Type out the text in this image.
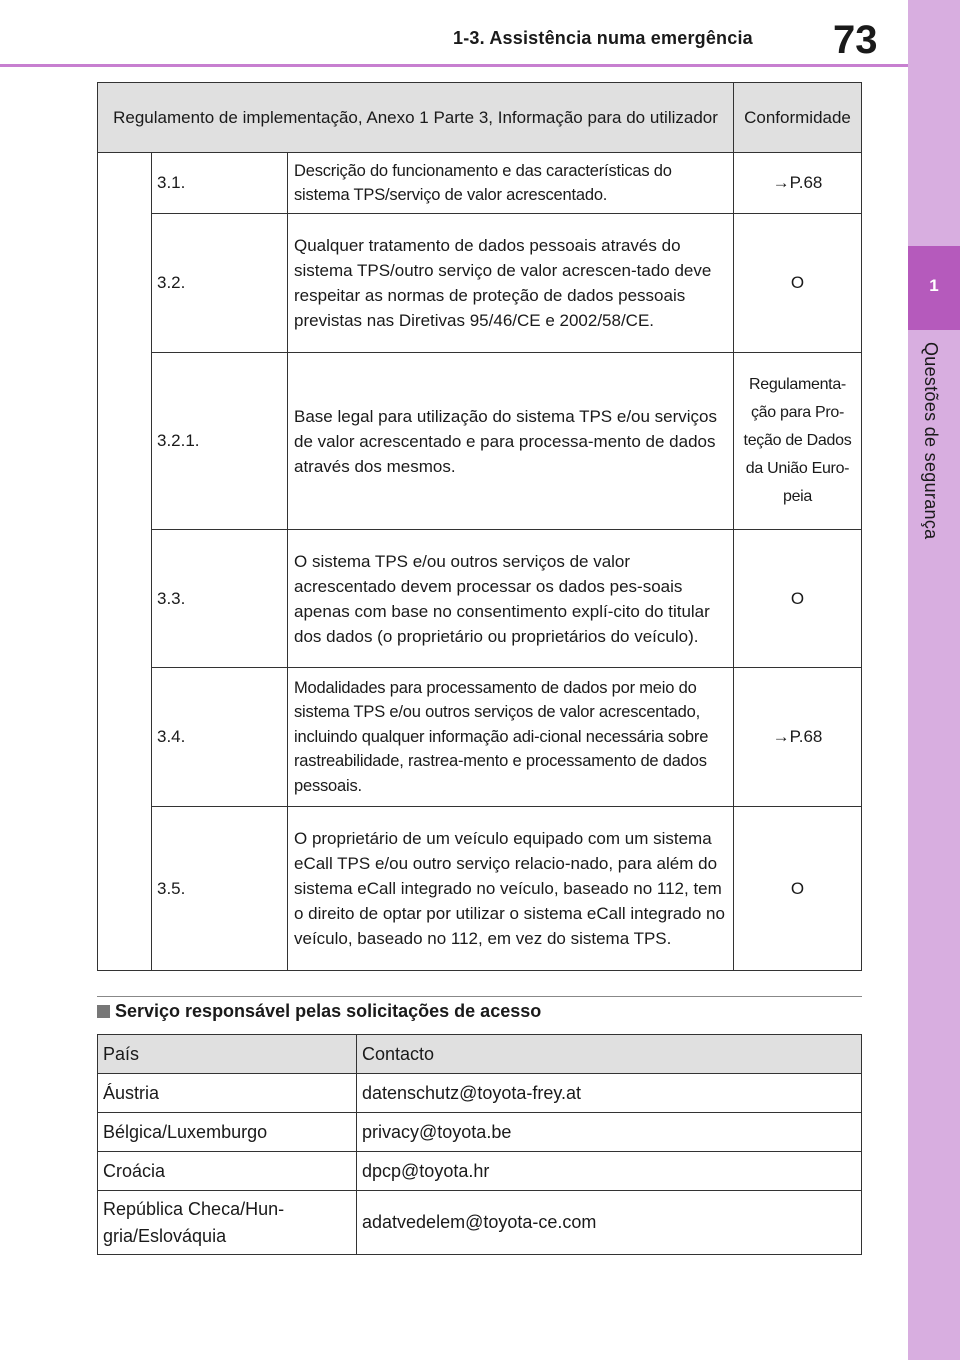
1-3. Assistência numa emergência 73
1
Questões de segurança
Regulamento de implementação, Anexo 1 Parte 3, Informação para do utilizador			Conformidade
	3.1.	Descrição do funcionamento e das características do sistema TPS/serviço de valor acrescentado.	→P.68
	3.2.	Qualquer tratamento de dados pessoais através do sistema TPS/outro serviço de valor acrescen-tado deve respeitar as normas de proteção de dados pessoais previstas nas Diretivas 95/46/CE e 2002/58/CE.	O
	3.2.1.	Base legal para utilização do sistema TPS e/ou serviços de valor acrescentado e para processa-mento de dados através dos mesmos.	Regulamenta-ção para Pro-teção de Dados da União Euro-peia
	3.3.	O sistema TPS e/ou outros serviços de valor acrescentado devem processar os dados pes-soais apenas com base no consentimento explí-cito do titular dos dados (o proprietário ou proprietários do veículo).	O
	3.4.	Modalidades para processamento de dados por meio do sistema TPS e/ou outros serviços de valor acrescentado, incluindo qualquer informação adi-cional necessária sobre rastreabilidade, rastrea-mento e processamento de dados pessoais.	→P.68
	3.5.	O proprietário de um veículo equipado com um sistema eCall TPS e/ou outro serviço relacio-nado, para além do sistema eCall integrado no veículo, baseado no 112, tem o direito de optar por utilizar o sistema eCall integrado no veículo, baseado no 112, em vez do sistema TPS.	O
Serviço responsável pelas solicitações de acesso
País	Contacto
Áustria	datenschutz@toyota-frey.at
Bélgica/Luxemburgo	privacy@toyota.be
Croácia	dpcp@toyota.hr
República Checa/Hun-gria/Eslováquia	adatvedelem@toyota-ce.com
